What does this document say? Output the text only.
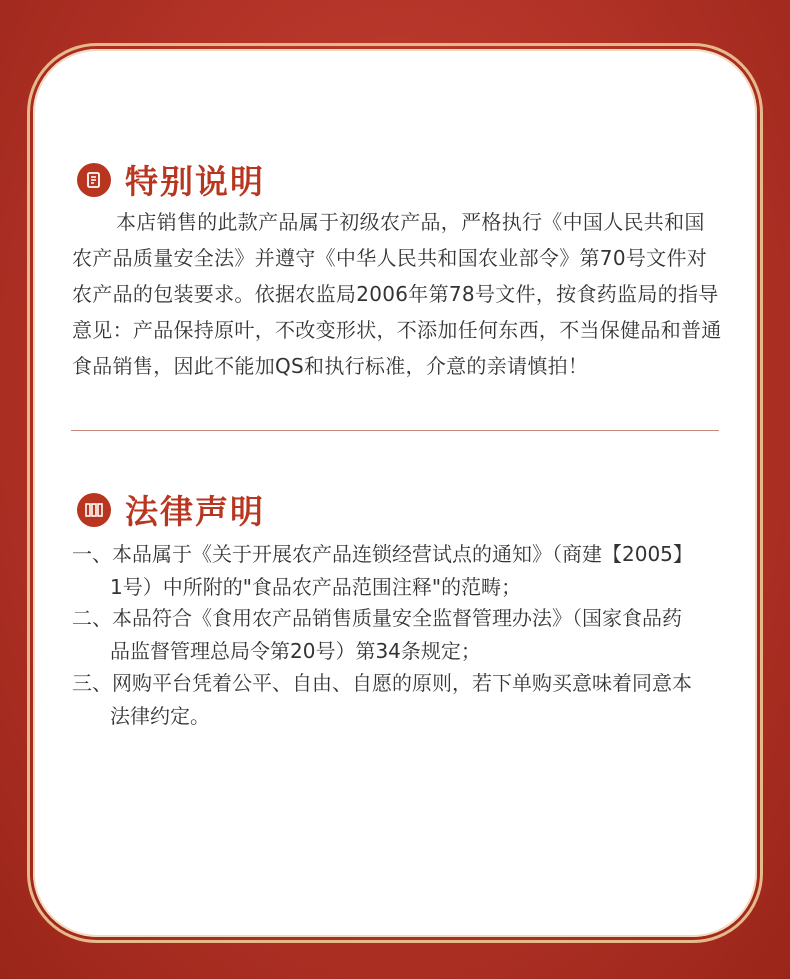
特别说明
本店销售的此款产品属于初级农产品，严格执行《中国人民共和国
农产品质量安全法》并遵守《中华人民共和国农业部令》第70号文件对
农产品的包装要求。依据农监局2006年第78号文件，按食药监局的指导
意见：产品保持原叶，不改变形状，不添加任何东西，不当保健品和普通
食品销售，因此不能加QS和执行标准，介意的亲请慎拍！
法律声明
一、本品属于《关于开展农产品连锁经营试点的通知》（商建【2005】
1号）中所附的"食品农产品范围注释"的范畴；
二、本品符合《食用农产品销售质量安全监督管理办法》（国家食品药
品监督管理总局令第20号）第34条规定；
三、网购平台凭着公平、自由、自愿的原则，若下单购买意味着同意本
法律约定。
